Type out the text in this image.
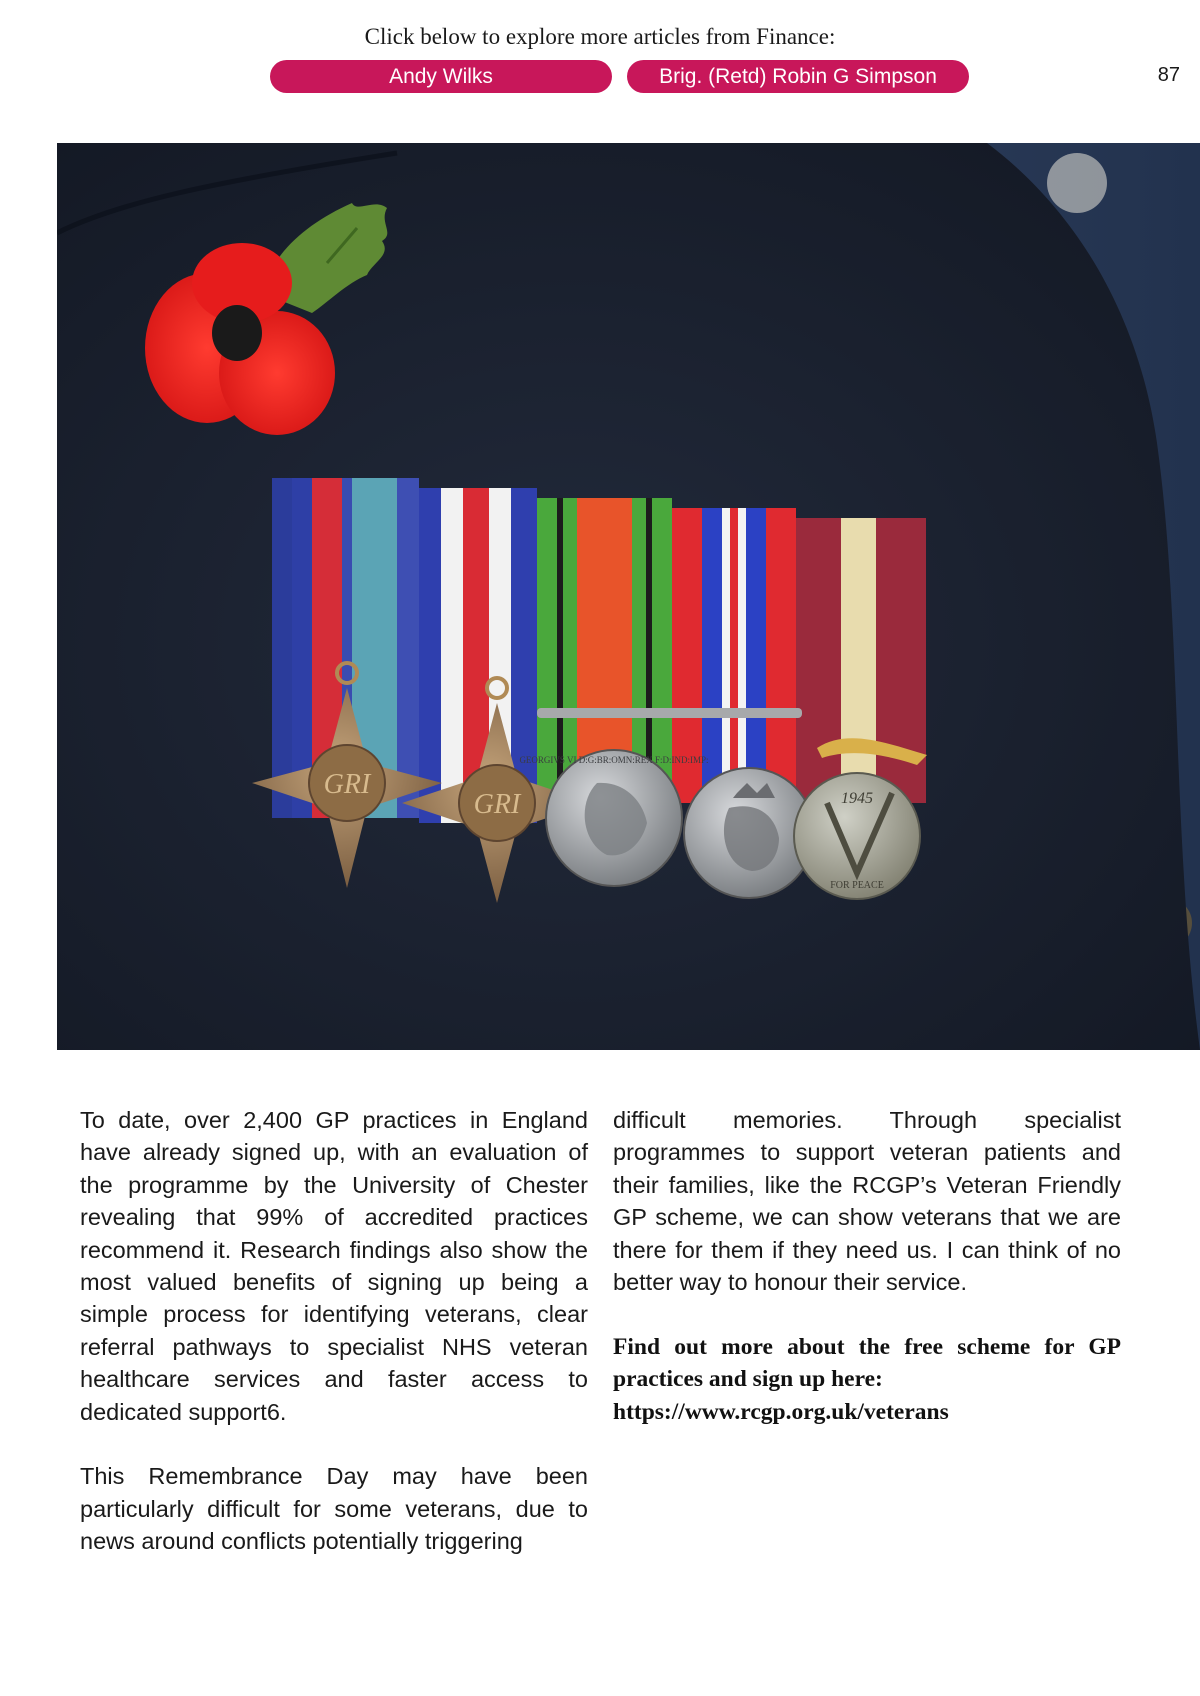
Click below to explore more articles from Finance:
Andy Wilks	Brig. (Retd) Robin G Simpson	87
GRI
GRI
GEORGIVS VI D:G:BR:OMN:REX F:D:IND:IMP:
1945
FOR PEACE

To date, over 2,400 GP practices in England have already signed up, with an evaluation of the programme by the University of Chester revealing that 99% of accredited practices recommend it. Research findings also show the most valued benefits of signing up being a simple process for identifying veterans, clear referral pathways to specialist NHS veteran healthcare services and faster access to dedicated support6.

This Remembrance Day may have been particularly difficult for some veterans, due to news around conflicts potentially triggering

difficult memories. Through specialist programmes to support veteran patients and their families, like the RCGP’s Veteran Friendly GP scheme, we can show veterans that we are there for them if they need us. I can think of no better way to honour their service.

Find out more about the free scheme for GP practices and sign up here:
https://www.rcgp.org.uk/veterans
